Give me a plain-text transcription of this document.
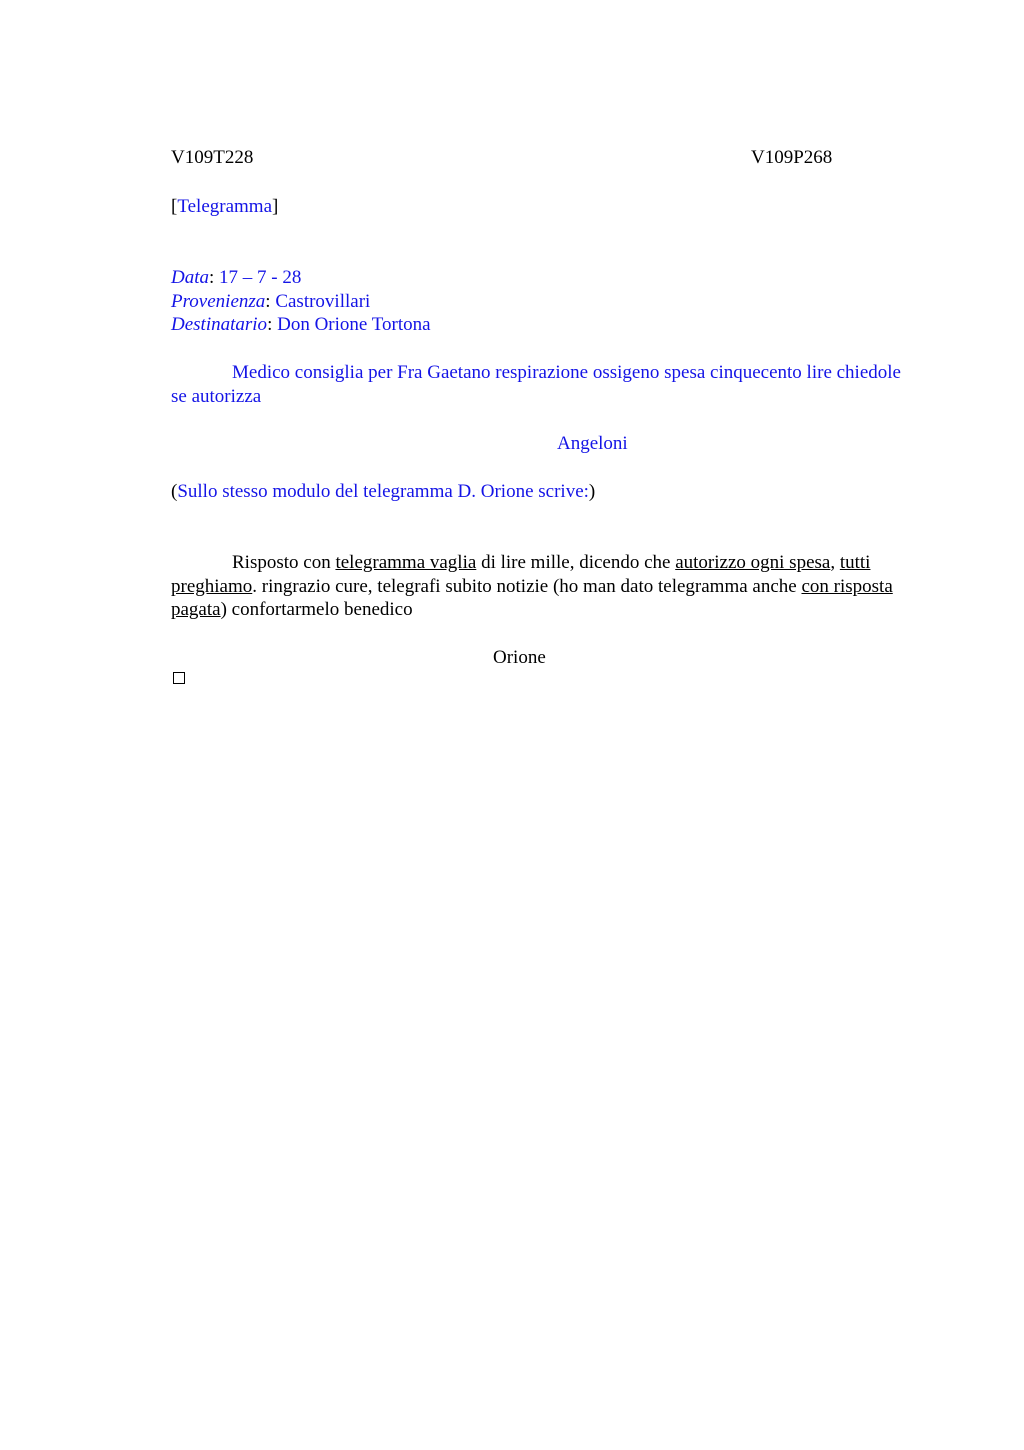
V109T228	V109P268
[Telegramma]
Data: 17 – 7 - 28
Provenienza: Castrovillari
Destinatario: Don Orione Tortona
Medico consiglia per Fra Gaetano respirazione ossigeno spesa cinquecento lire chiedole se autorizza
Angeloni
(Sullo stesso modulo del telegramma D. Orione scrive:)
Risposto con telegramma vaglia di lire mille, dicendo che autorizzo ogni spesa, tutti preghiamo. ringrazio cure, telegrafi subito notizie (ho man dato telegramma anche con risposta pagata) confortarmelo benedico
Orione
